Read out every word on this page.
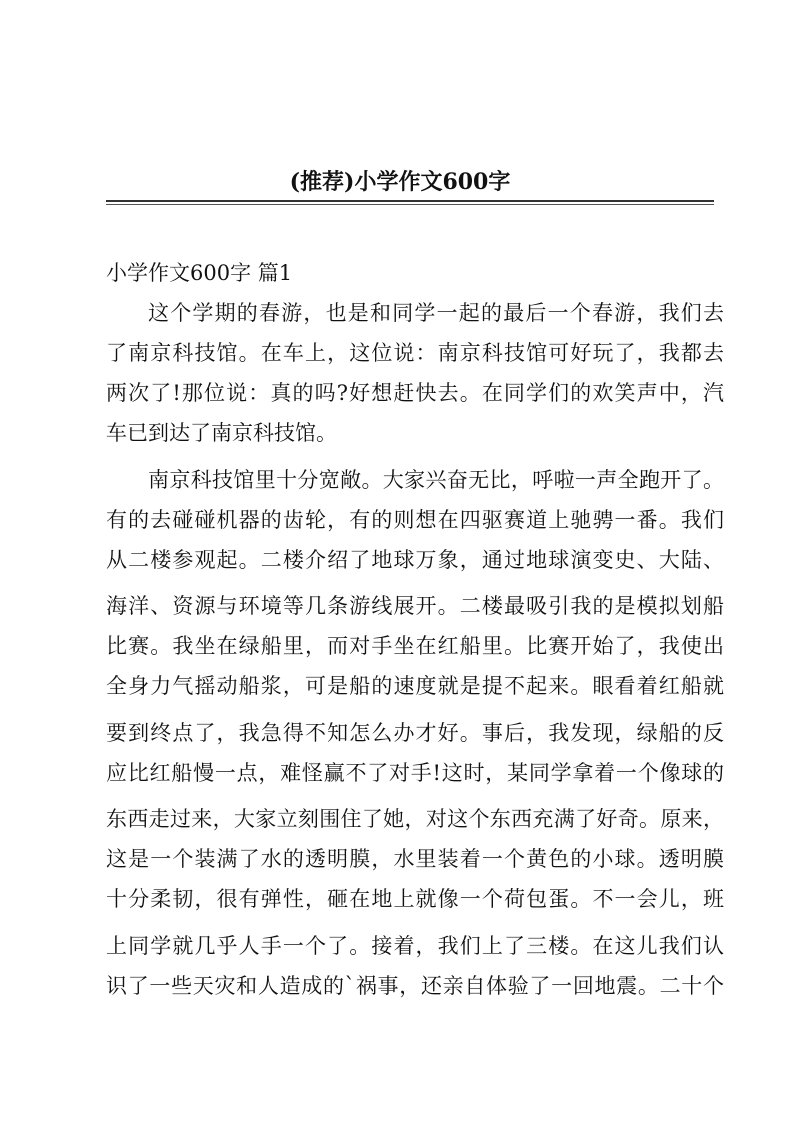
(推荐)小学作文600字
小学作文600字 篇1
这个学期的春游，也是和同学一起的最后一个春游，我们去
了南京科技馆。在车上，这位说：南京科技馆可好玩了，我都去
两次了!那位说：真的吗?好想赶快去。在同学们的欢笑声中，汽
车已到达了南京科技馆。
南京科技馆里十分宽敞。大家兴奋无比，呼啦一声全跑开了。
有的去碰碰机器的齿轮，有的则想在四驱赛道上驰骋一番。我们
从二楼参观起。二楼介绍了地球万象，通过地球演变史、大陆、
海洋、资源与环境等几条游线展开。二楼最吸引我的是模拟划船
比赛。我坐在绿船里，而对手坐在红船里。比赛开始了，我使出
全身力气摇动船浆，可是船的速度就是提不起来。眼看着红船就
要到终点了，我急得不知怎么办才好。事后，我发现，绿船的反
应比红船慢一点，难怪赢不了对手!这时，某同学拿着一个像球的
东西走过来，大家立刻围住了她，对这个东西充满了好奇。原来，
这是一个装满了水的透明膜，水里装着一个黄色的小球。透明膜
十分柔韧，很有弹性，砸在地上就像一个荷包蛋。不一会儿，班
上同学就几乎人手一个了。接着，我们上了三楼。在这儿我们认
识了一些天灾和人造成的`祸事，还亲自体验了一回地震。二十个
